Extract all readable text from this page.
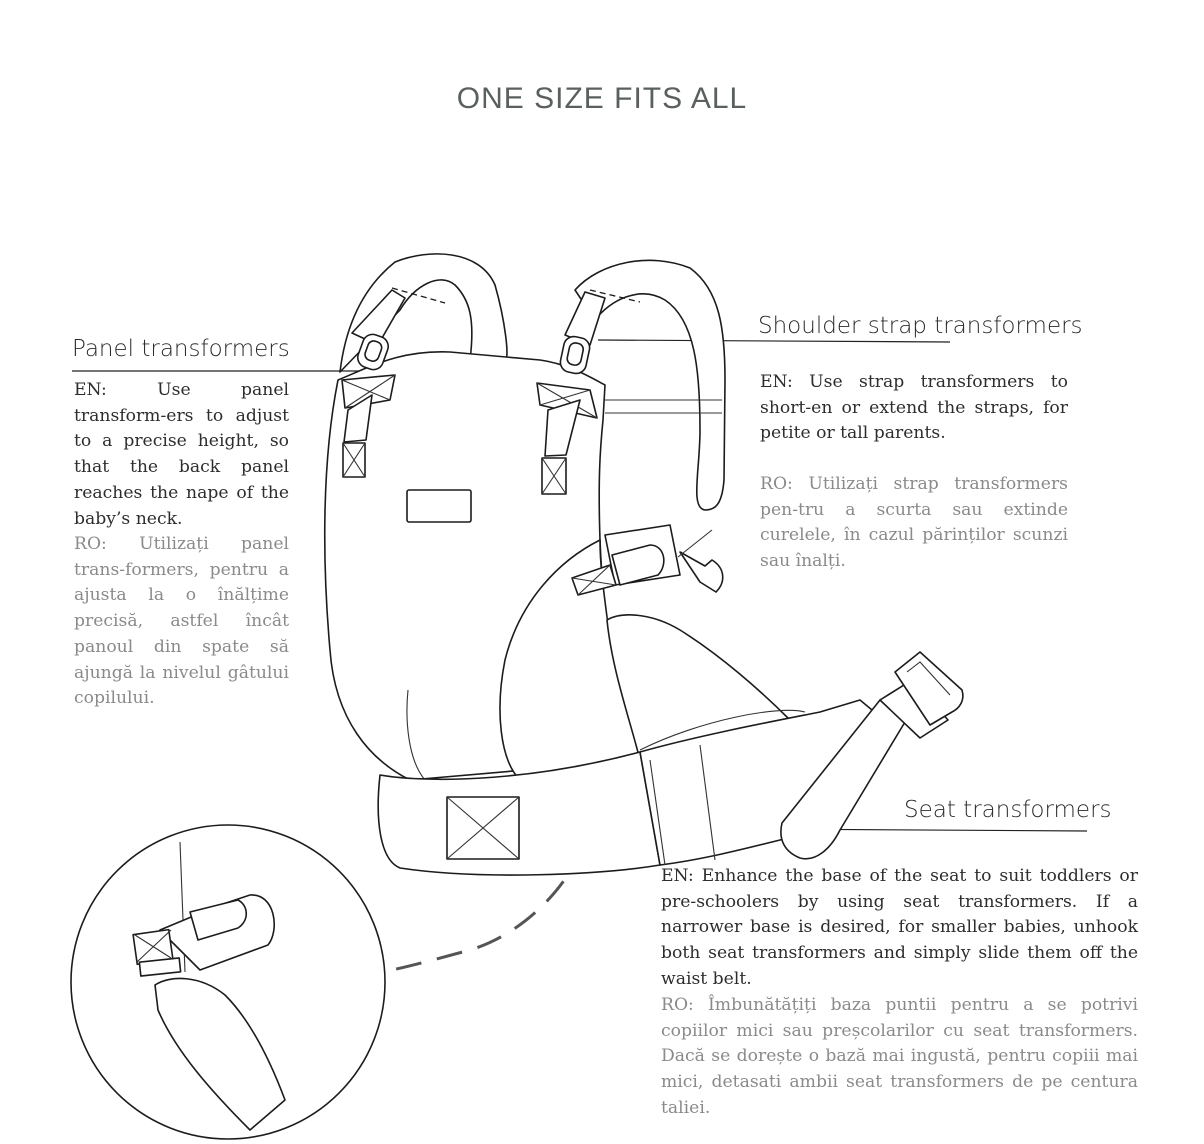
ONE SIZE FITS ALL
Panel transformers

EN: Use panel transform-ers to adjust to a precise height, so that the back panel reaches the nape of the baby’s neck.

RO: Utilizați panel trans-formers, pentru a ajusta la o înălțime precisă, astfel încât panoul din spate să ajungă la nivelul gâtului copilului.

Shoulder strap transformers

EN: Use strap transformers to short-en or extend the straps, for petite or tall parents.

RO: Utilizați strap transformers pen-tru a scurta sau extinde curelele, în cazul părinților scunzi sau înalți.

Seat transformers

EN: Enhance the base of the seat to suit toddlers or pre-schoolers by using seat transformers. If a narrower base is desired, for smaller babies, unhook both seat transformers and simply slide them off the waist belt.

RO: Îmbunătățiți baza puntii pentru a se potrivi copiilor mici sau preșcolarilor cu seat transformers. Dacă se dorește o bază mai ingustă, pentru copiii mai mici, detasati ambii seat transformers de pe centura taliei.
